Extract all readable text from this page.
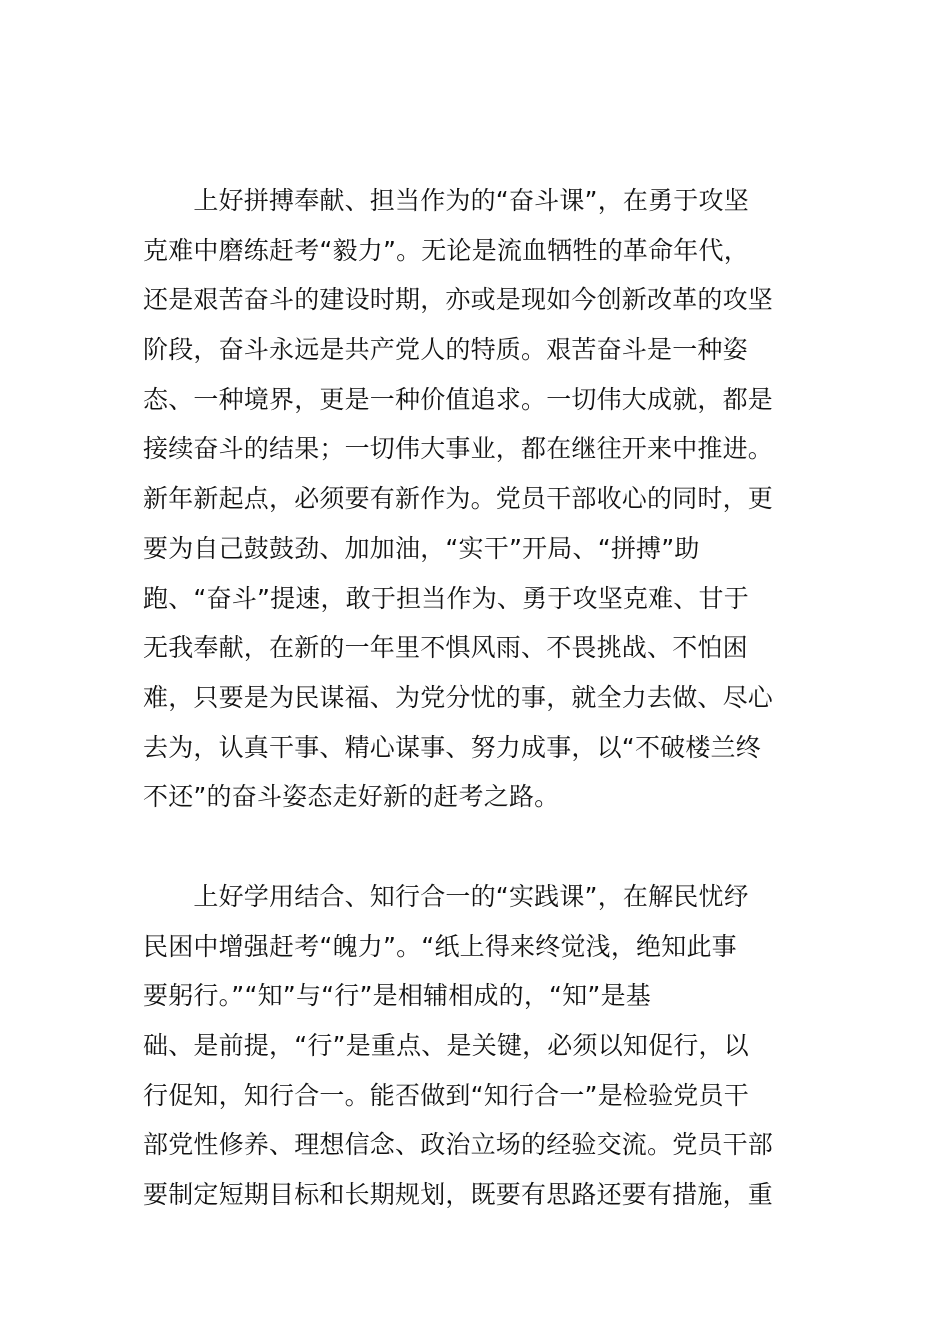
　　上好拼搏奉献、担当作为的“奋斗课”，在勇于攻坚
克难中磨练赶考“毅力”。无论是流血牺牲的革命年代，
还是艰苦奋斗的建设时期，亦或是现如今创新改革的攻坚
阶段，奋斗永远是共产党人的特质。艰苦奋斗是一种姿
态、一种境界，更是一种价值追求。一切伟大成就，都是
接续奋斗的结果；一切伟大事业，都在继往开来中推进。
新年新起点，必须要有新作为。党员干部收心的同时，更
要为自己鼓鼓劲、加加油，“实干”开局、“拼搏”助
跑、“奋斗”提速，敢于担当作为、勇于攻坚克难、甘于
无我奉献，在新的一年里不惧风雨、不畏挑战、不怕困
难，只要是为民谋福、为党分忧的事，就全力去做、尽心
去为，认真干事、精心谋事、努力成事，以“不破楼兰终
不还”的奋斗姿态走好新的赶考之路。
　　上好学用结合、知行合一的“实践课”，在解民忧纾
民困中增强赶考“魄力”。“纸上得来终觉浅，绝知此事
要躬行。”“知”与“行”是相辅相成的，“知”是基
础、是前提，“行”是重点、是关键，必须以知促行，以
行促知，知行合一。能否做到“知行合一”是检验党员干
部党性修养、理想信念、政治立场的经验交流。党员干部
要制定短期目标和长期规划，既要有思路还要有措施，重
